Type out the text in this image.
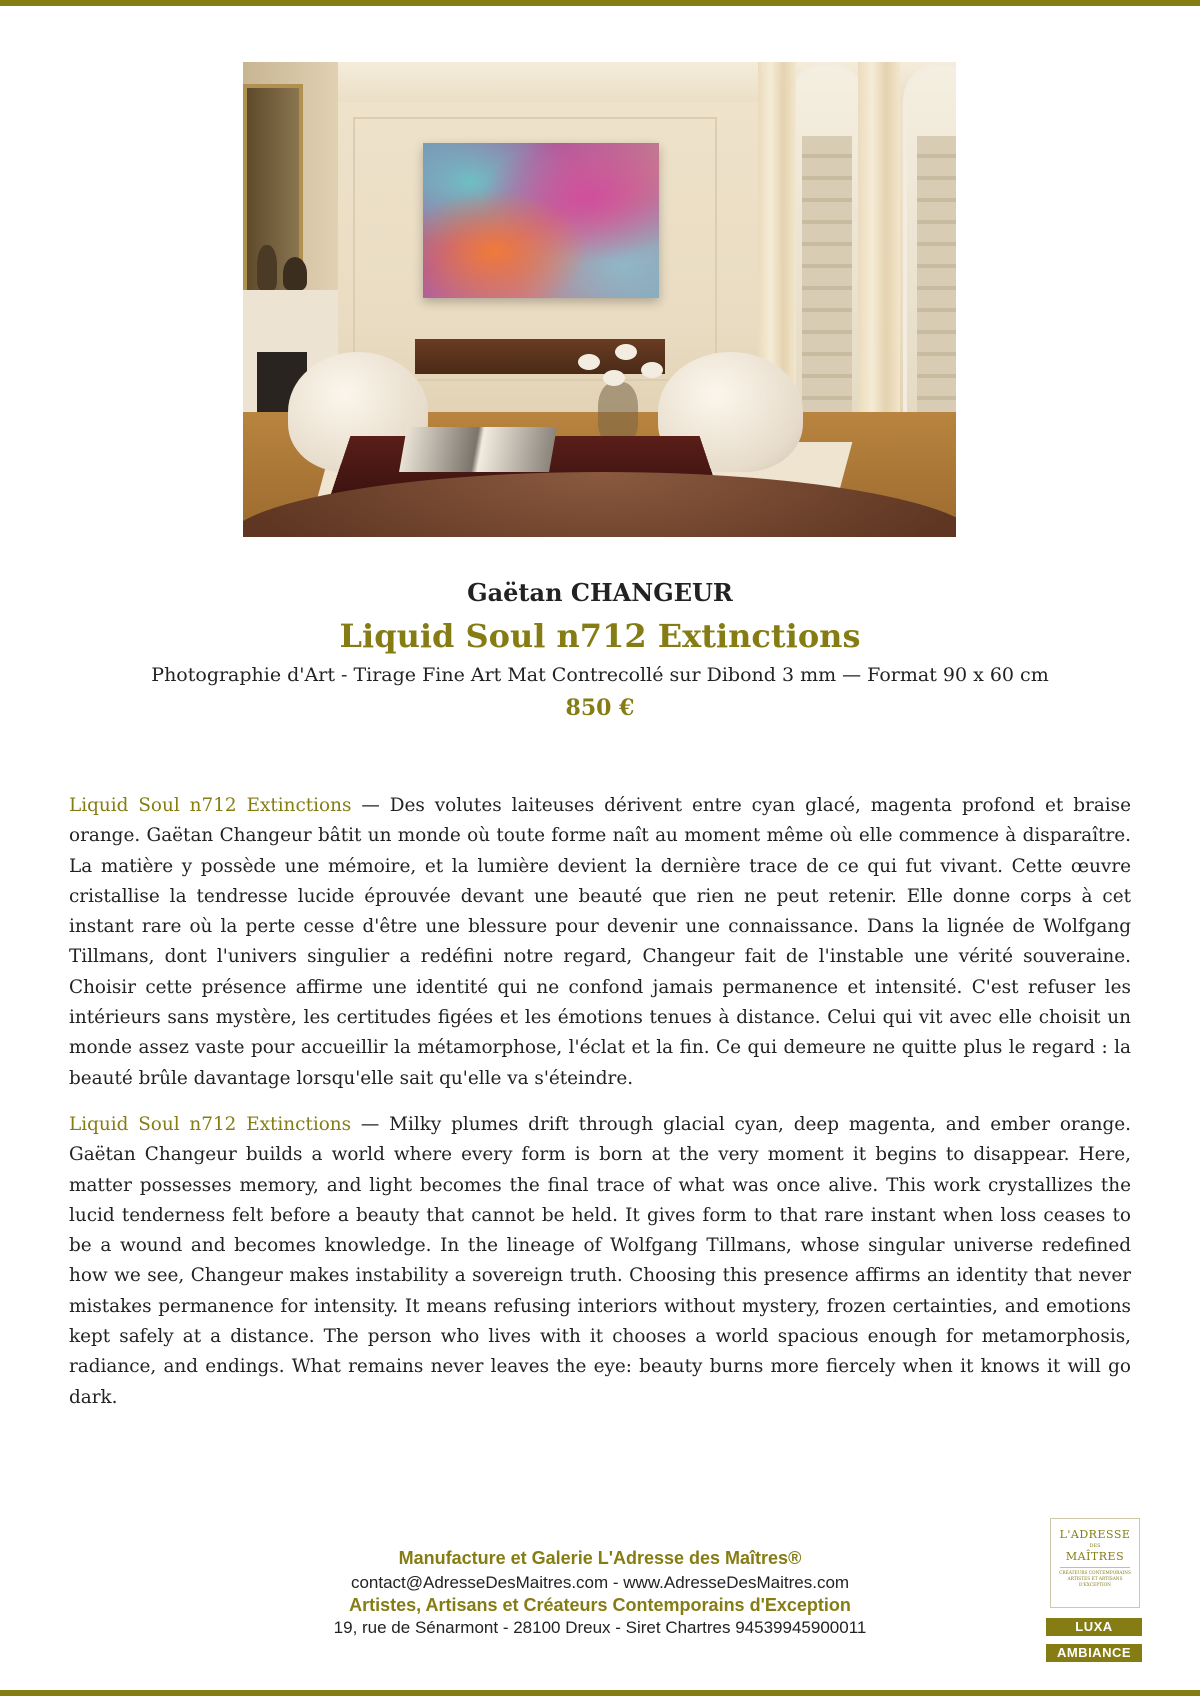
Gaëtan CHANGEUR
Liquid Soul n712 Extinctions
Photographie d'Art - Tirage Fine Art Mat Contrecollé sur Dibond 3 mm — Format 90 x 60 cm
850 €

Liquid Soul n712 Extinctions — Des volutes laiteuses dérivent entre cyan glacé, magenta profond et braise orange. Gaëtan Changeur bâtit un monde où toute forme naît au moment même où elle commence à disparaître. La matière y possède une mémoire, et la lumière devient la dernière trace de ce qui fut vivant. Cette œuvre cristallise la tendresse lucide éprouvée devant une beauté que rien ne peut retenir. Elle donne corps à cet instant rare où la perte cesse d'être une blessure pour devenir une connaissance. Dans la lignée de Wolfgang Tillmans, dont l'univers singulier a redéfini notre regard, Changeur fait de l'instable une vérité souveraine. Choisir cette présence affirme une identité qui ne confond jamais permanence et intensité. C'est refuser les intérieurs sans mystère, les certitudes figées et les émotions tenues à distance. Celui qui vit avec elle choisit un monde assez vaste pour accueillir la métamorphose, l'éclat et la fin. Ce qui demeure ne quitte plus le regard : la beauté brûle davantage lorsqu'elle sait qu'elle va s'éteindre.

Liquid Soul n712 Extinctions — Milky plumes drift through glacial cyan, deep magenta, and ember orange. Gaëtan Changeur builds a world where every form is born at the very moment it begins to disappear. Here, matter possesses memory, and light becomes the final trace of what was once alive. This work crystallizes the lucid tenderness felt before a beauty that cannot be held. It gives form to that rare instant when loss ceases to be a wound and becomes knowledge. In the lineage of Wolfgang Tillmans, whose singular universe redefined how we see, Changeur makes instability a sovereign truth. Choosing this presence affirms an identity that never mistakes permanence for intensity. It means refusing interiors without mystery, frozen certainties, and emotions kept safely at a distance. The person who lives with it chooses a world spacious enough for metamorphosis, radiance, and endings. What remains never leaves the eye: beauty burns more fiercely when it knows it will go dark.

Manufacture et Galerie L'Adresse des Maîtres®
contact@AdresseDesMaitres.com - www.AdresseDesMaitres.com
Artistes, Artisans et Créateurs Contemporains d'Exception
19, rue de Sénarmont - 28100 Dreux - Siret Chartres 94539945900011
L'ADRESSE
DES
MAÎTRES
CRÉATEURS CONTEMPORAINS ARTISTES ET ARTISANS D'EXCEPTION
LUXA
AMBIANCE
